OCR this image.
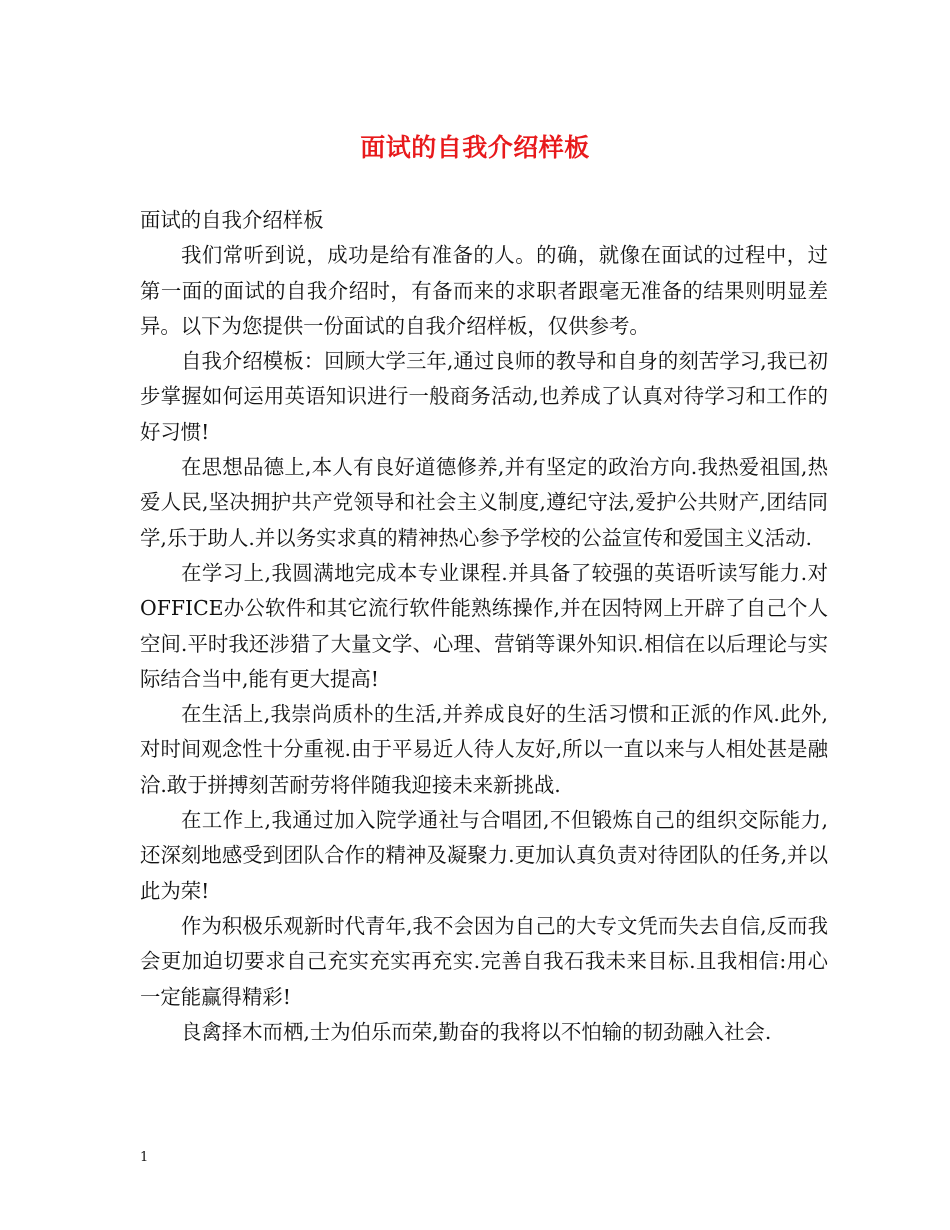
面试的自我介绍样板

面试的自我介绍样板

我们常听到说，成功是给有准备的人。的确，就像在面试的过程中，过第一面的面试的自我介绍时，有备而来的求职者跟毫无准备的结果则明显差异。以下为您提供一份面试的自我介绍样板，仅供参考。

自我介绍模板：回顾大学三年,通过良师的教导和自身的刻苦学习,我已初步掌握如何运用英语知识进行一般商务活动,也养成了认真对待学习和工作的好习惯!

在思想品德上,本人有良好道德修养,并有坚定的政治方向.我热爱祖国,热爱人民,坚决拥护共产党领导和社会主义制度,遵纪守法,爱护公共财产,团结同学,乐于助人.并以务实求真的精神热心参予学校的公益宣传和爱国主义活动.

在学习上,我圆满地完成本专业课程.并具备了较强的英语听读写能力.对OFFICE办公软件和其它流行软件能熟练操作,并在因特网上开辟了自己个人空间.平时我还涉猎了大量文学、心理、营销等课外知识.相信在以后理论与实际结合当中,能有更大提高!

在生活上,我崇尚质朴的生活,并养成良好的生活习惯和正派的作风.此外,对时间观念性十分重视.由于平易近人待人友好,所以一直以来与人相处甚是融洽.敢于拼搏刻苦耐劳将伴随我迎接未来新挑战.

在工作上,我通过加入院学通社与合唱团,不但锻炼自己的组织交际能力,还深刻地感受到团队合作的精神及凝聚力.更加认真负责对待团队的任务,并以此为荣!

作为积极乐观新时代青年,我不会因为自己的大专文凭而失去自信,反而我会更加迫切要求自己充实充实再充实.完善自我石我未来目标.且我相信:用心一定能赢得精彩!

良禽择木而栖,士为伯乐而荣,勤奋的我将以不怕输的韧劲融入社会.

1
